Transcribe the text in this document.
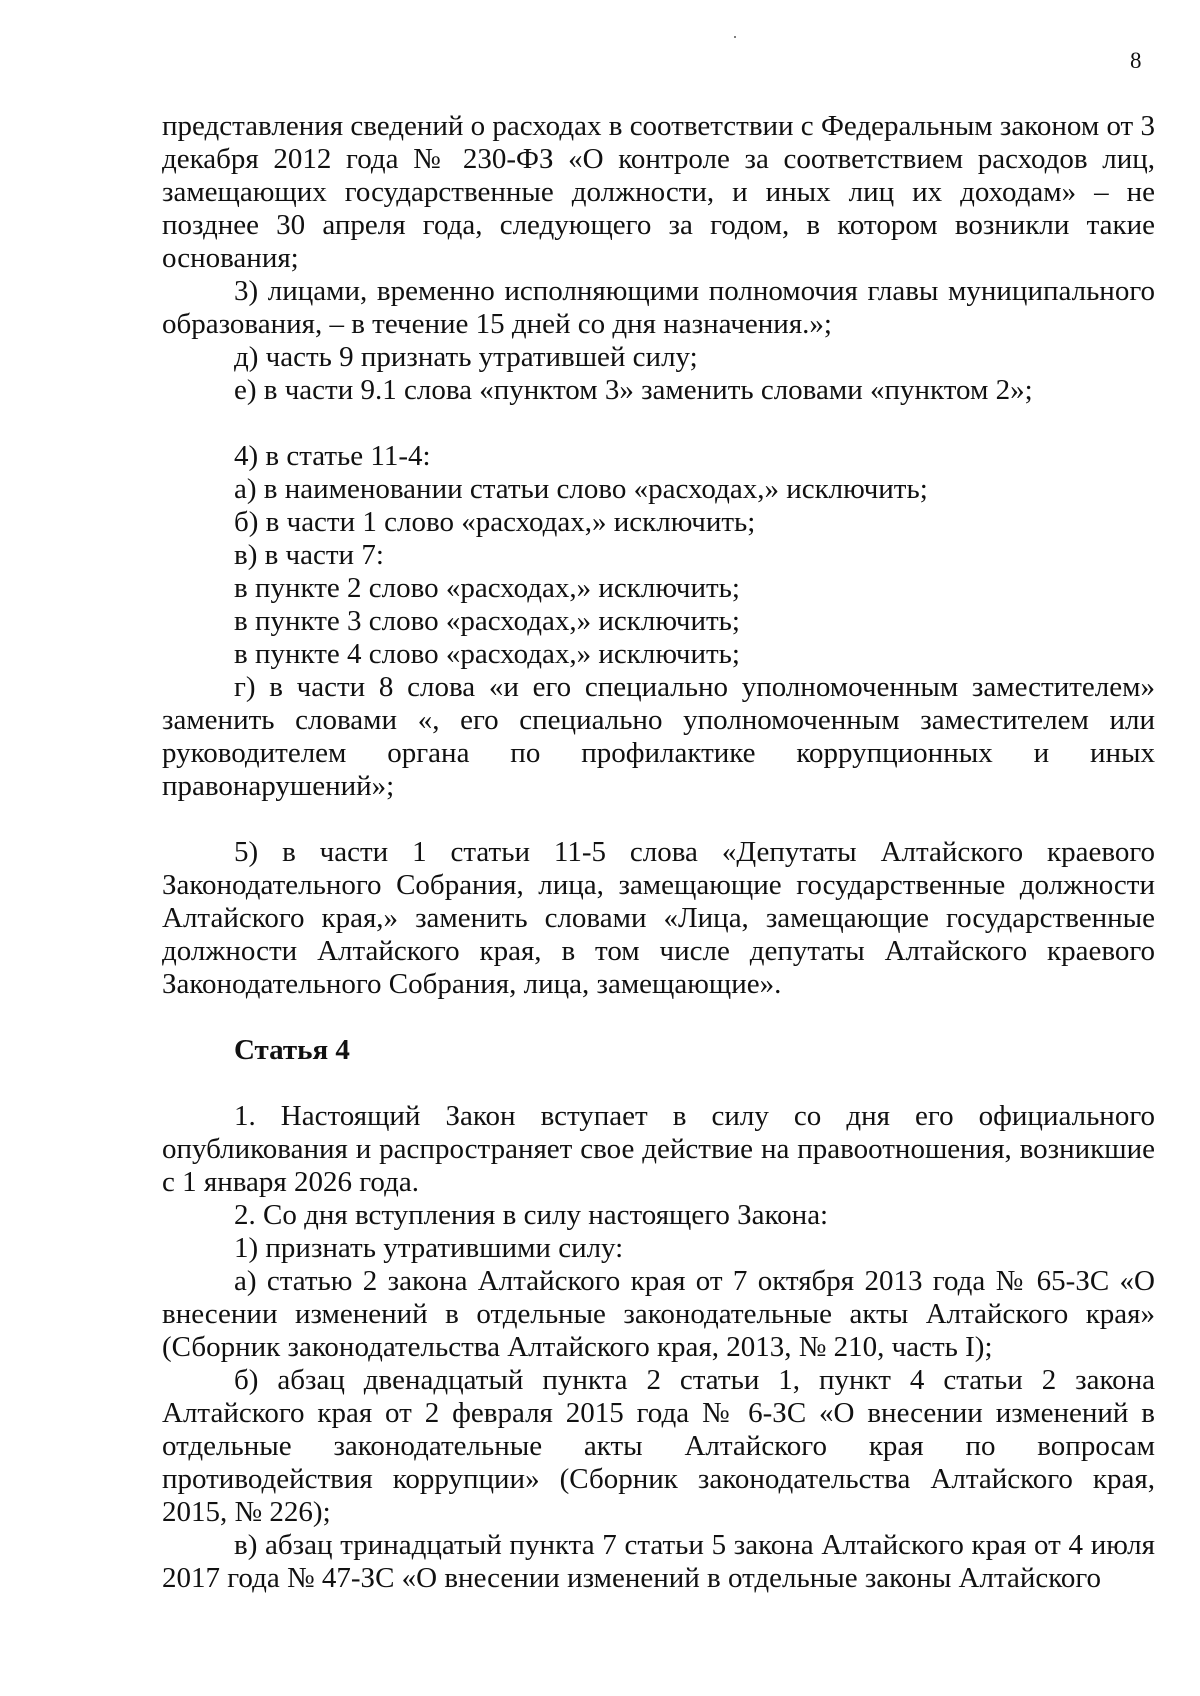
8

представления сведений о расходах в соответствии с Федеральным законом от 3 декабря 2012 года № 230-ФЗ «О контроле за соответствием расходов лиц, замещающих государственные должности, и иных лиц их доходам» – не позднее 30 апреля года, следующего за годом, в котором возникли такие основания;

3) лицами, временно исполняющими полномочия главы муниципального образования, – в течение 15 дней со дня назначения.»;

д) часть 9 признать утратившей силу;

е) в части 9.1 слова «пунктом 3» заменить словами «пунктом 2»;

4) в статье 11-4:

а) в наименовании статьи слово «расходах,» исключить;

б) в части 1 слово «расходах,» исключить;

в) в части 7:

в пункте 2 слово «расходах,» исключить;

в пункте 3 слово «расходах,» исключить;

в пункте 4 слово «расходах,» исключить;

г) в части 8 слова «и его специально уполномоченным заместителем» заменить словами «, его специально уполномоченным заместителем или руководителем органа по профилактике коррупционных и иных правонарушений»;

5) в части 1 статьи 11-5 слова «Депутаты Алтайского краевого Законодательного Собрания, лица, замещающие государственные должности Алтайского края,» заменить словами «Лица, замещающие государственные должности Алтайского края, в том числе депутаты Алтайского краевого Законодательного Собрания, лица, замещающие».

Статья 4

1. Настоящий Закон вступает в силу со дня его официального опубликования и распространяет свое действие на правоотношения, возникшие с 1 января 2026 года.

2. Со дня вступления в силу настоящего Закона:

1) признать утратившими силу:

а) статью 2 закона Алтайского края от 7 октября 2013 года № 65-ЗС «О внесении изменений в отдельные законодательные акты Алтайского края» (Сборник законодательства Алтайского края, 2013, № 210, часть I);

б) абзац двенадцатый пункта 2 статьи 1, пункт 4 статьи 2 закона Алтайского края от 2 февраля 2015 года № 6-ЗС «О внесении изменений в отдельные законодательные акты Алтайского края по вопросам противодействия коррупции» (Сборник законодательства Алтайского края, 2015, № 226);

в) абзац тринадцатый пункта 7 статьи 5 закона Алтайского края от 4 июля 2017 года № 47-ЗС «О внесении изменений в отдельные законы Алтайского
